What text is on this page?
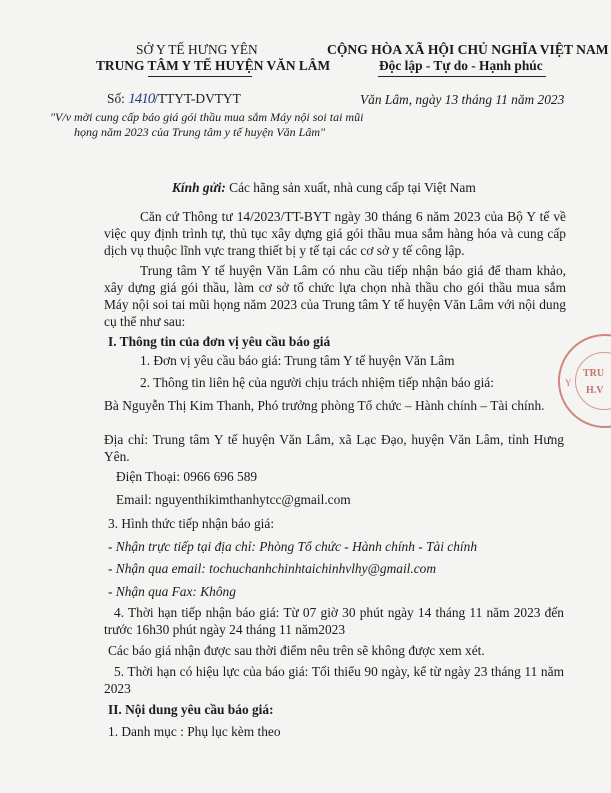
SỞ Y TẾ HƯNG YÊN
TRUNG TÂM Y TẾ HUYỆN VĂN LÂM
CỘNG HÒA XÃ HỘI CHỦ NGHĨA VIỆT NAM
Độc lập - Tự do - Hạnh phúc
Số: 1410/TTYT-DVTYT
"V/v mời cung cấp báo giá gói thầu mua sắm Máy nội soi tai mũi
họng năm 2023 của Trung tâm y tế huyện Văn Lâm"
Văn Lâm, ngày 13 tháng 11 năm 2023
Kính gửi: Các hãng sản xuất, nhà cung cấp tại Việt Nam
Căn cứ Thông tư 14/2023/TT-BYT ngày 30 tháng 6 năm 2023 của Bộ Y tế về việc quy định trình tự, thủ tục xây dựng giá gói thầu mua sắm hàng hóa và cung cấp dịch vụ thuộc lĩnh vực trang thiết bị y tế tại các cơ sở y tế công lập.
Trung tâm Y tế huyện Văn Lâm có nhu cầu tiếp nhận báo giá để tham khảo, xây dựng giá gói thầu, làm cơ sở tổ chức lựa chọn nhà thầu cho gói thầu mua sắm Máy nội soi tai mũi họng năm 2023 của Trung tâm Y tế huyện Văn Lâm với nội dung cụ thể như sau:
I. Thông tin của đơn vị yêu cầu báo giá
1. Đơn vị yêu cầu báo giá: Trung tâm Y tế huyện Văn Lâm
2. Thông tin liên hệ của người chịu trách nhiệm tiếp nhận báo giá:
Bà Nguyễn Thị Kim Thanh, Phó trưởng phòng Tổ chức – Hành chính – Tài chính.
Địa chỉ: Trung tâm Y tế huyện Văn Lâm, xã Lạc Đạo, huyện Văn Lâm, tỉnh Hưng Yên.
Điện Thoại: 0966 696 589
Email: nguyenthikimthanhytcc@gmail.com
3. Hình thức tiếp nhận báo giá:
- Nhận trực tiếp tại địa chỉ: Phòng Tổ chức - Hành chính - Tài chính
- Nhận qua email: tochuchanhchinhtaichinhvlhy@gmail.com
- Nhận qua Fax: Không
4. Thời hạn tiếp nhận báo giá: Từ 07 giờ 30 phút ngày 14 tháng 11 năm 2023 đến trước 16h30 phút ngày 24 tháng 11 năm2023
Các báo giá nhận được sau thời điểm nêu trên sẽ không được xem xét.
5. Thời hạn có hiệu lực của báo giá: Tối thiểu 90 ngày, kể từ ngày 23 tháng 11 năm 2023
II. Nội dung yêu cầu báo giá:
1. Danh mục : Phụ lục kèm theo
TRU
H.V
Y
